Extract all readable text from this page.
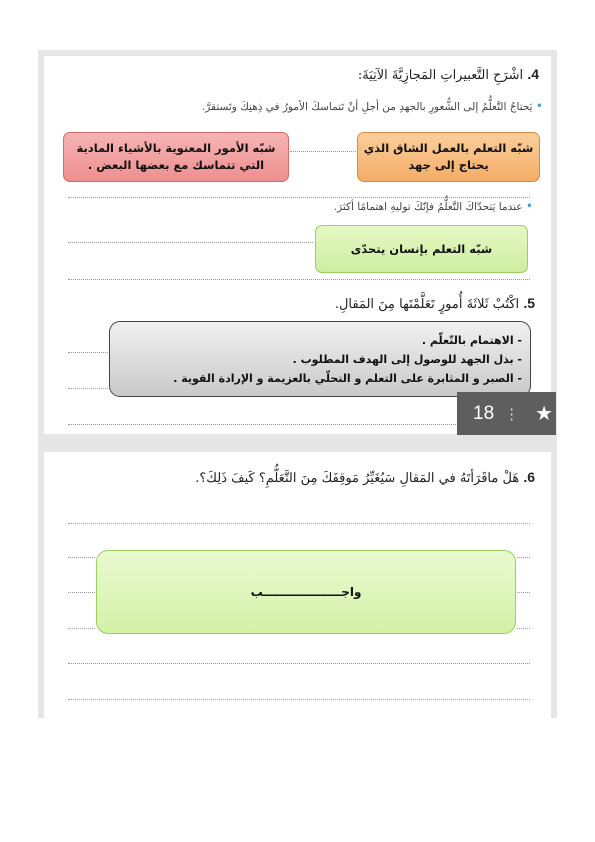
4. اشْرَحِ التَّعبيراتِ المَجازِيَّةَ الآتِيَةَ:
• يَحتاجُ التَّعلُّمُ إلى الشُّعورِ بالجهدِ من أجلِ أنْ تَتماسكَ الأمورُ في ذِهنِكَ وتَستقرَّ.
شبّه التعلم بالعمل الشاق الذي يحتاج إلى جهد
شبّه الأمور المعنوية بالأشياء المادية التي تتماسك مع بعضها البعض .
• عندما يَتحدّاكَ التَّعلُّمُ فإنّكَ توليهِ اهتمامًا أكثرَ.
شبّه التعلم بإنسان يتحدّى
5. اكْتُبْ ثَلاثَةَ أُمورٍ تَعَلَّمْتَها مِنَ المَقالِ.
- الاهتمام بالتّعلّم .
- بذل الجهد للوصول إلى الهدف المطلوب .
- الصبر و المثابرة على التعلم و التحلّي بالعزيمة و الإرادة القوية .
18 ⋮ ★
6. هَلْ ماقَرَأتَهُ في المَقالِ سَيُغَيِّرُ مَوقِفَكَ مِنَ التَّعَلُّمِ؟ كَيفَ ذَلِكَ؟.
واجـــــــــــــــــــب
